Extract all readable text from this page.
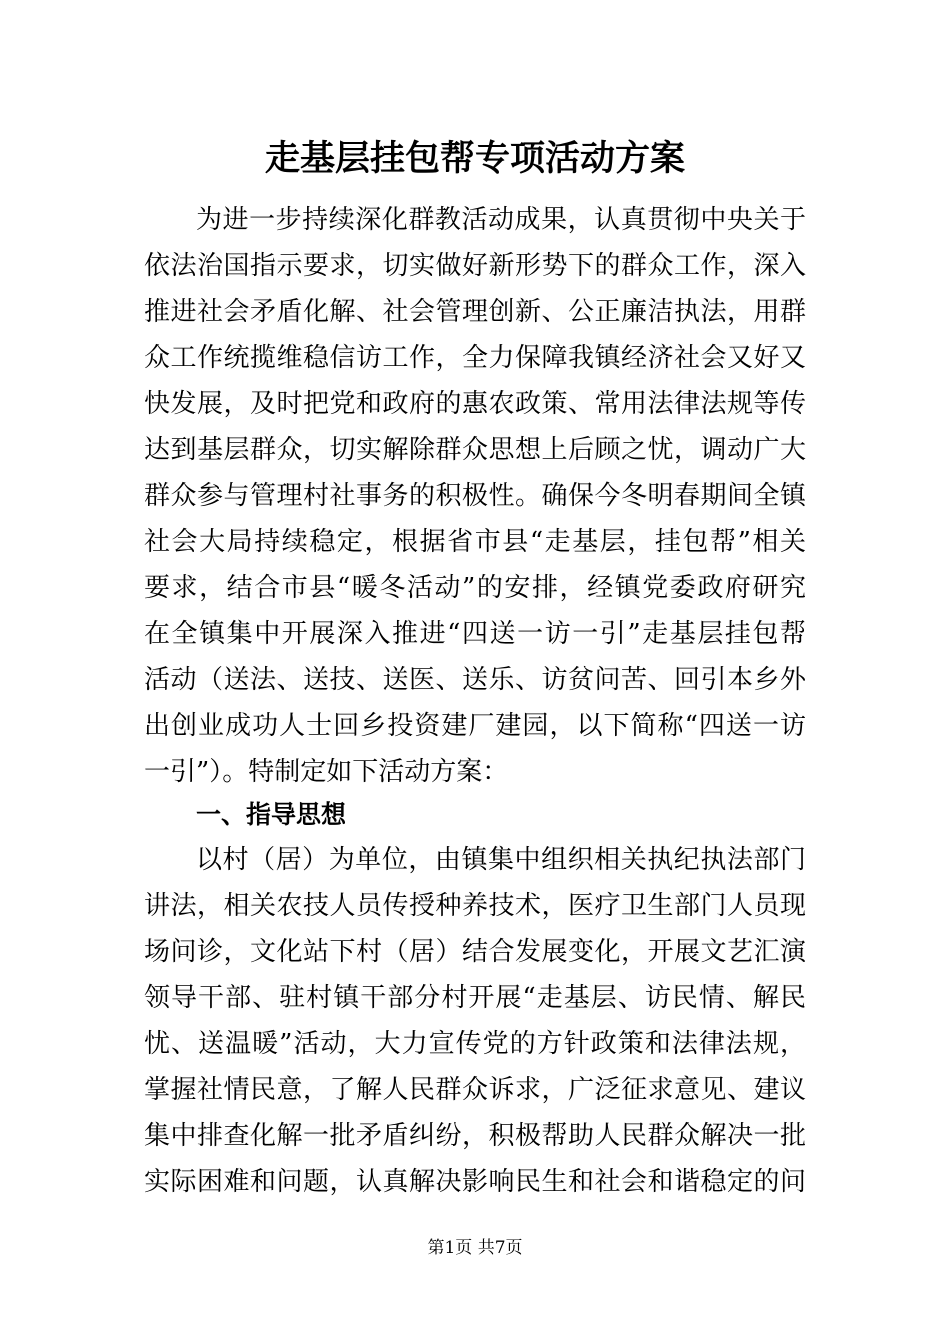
走基层挂包帮专项活动方案
为进一步持续深化群教活动成果，认真贯彻中央关于
依法治国指示要求，切实做好新形势下的群众工作，深入
推进社会矛盾化解、社会管理创新、公正廉洁执法，用群
众工作统揽维稳信访工作，全力保障我镇经济社会又好又
快发展，及时把党和政府的惠农政策、常用法律法规等传
达到基层群众，切实解除群众思想上后顾之忧，调动广大
群众参与管理村社事务的积极性。确保今冬明春期间全镇
社会大局持续稳定，根据省市县“走基层，挂包帮”相关
要求，结合市县“暖冬活动”的安排，经镇党委政府研究
在全镇集中开展深入推进“四送一访一引”走基层挂包帮
活动（送法、送技、送医、送乐、访贫问苦、回引本乡外
出创业成功人士回乡投资建厂建园，以下简称“四送一访
一引”）。特制定如下活动方案：
一、指导思想
以村（居）为单位，由镇集中组织相关执纪执法部门
讲法，相关农技人员传授种养技术，医疗卫生部门人员现
场问诊，文化站下村（居）结合发展变化，开展文艺汇演
领导干部、驻村镇干部分村开展“走基层、访民情、解民
忧、送温暖”活动，大力宣传党的方针政策和法律法规，
掌握社情民意，了解人民群众诉求，广泛征求意见、建议
集中排查化解一批矛盾纠纷，积极帮助人民群众解决一批
实际困难和问题，认真解决影响民生和社会和谐稳定的问
第1页 共7页
